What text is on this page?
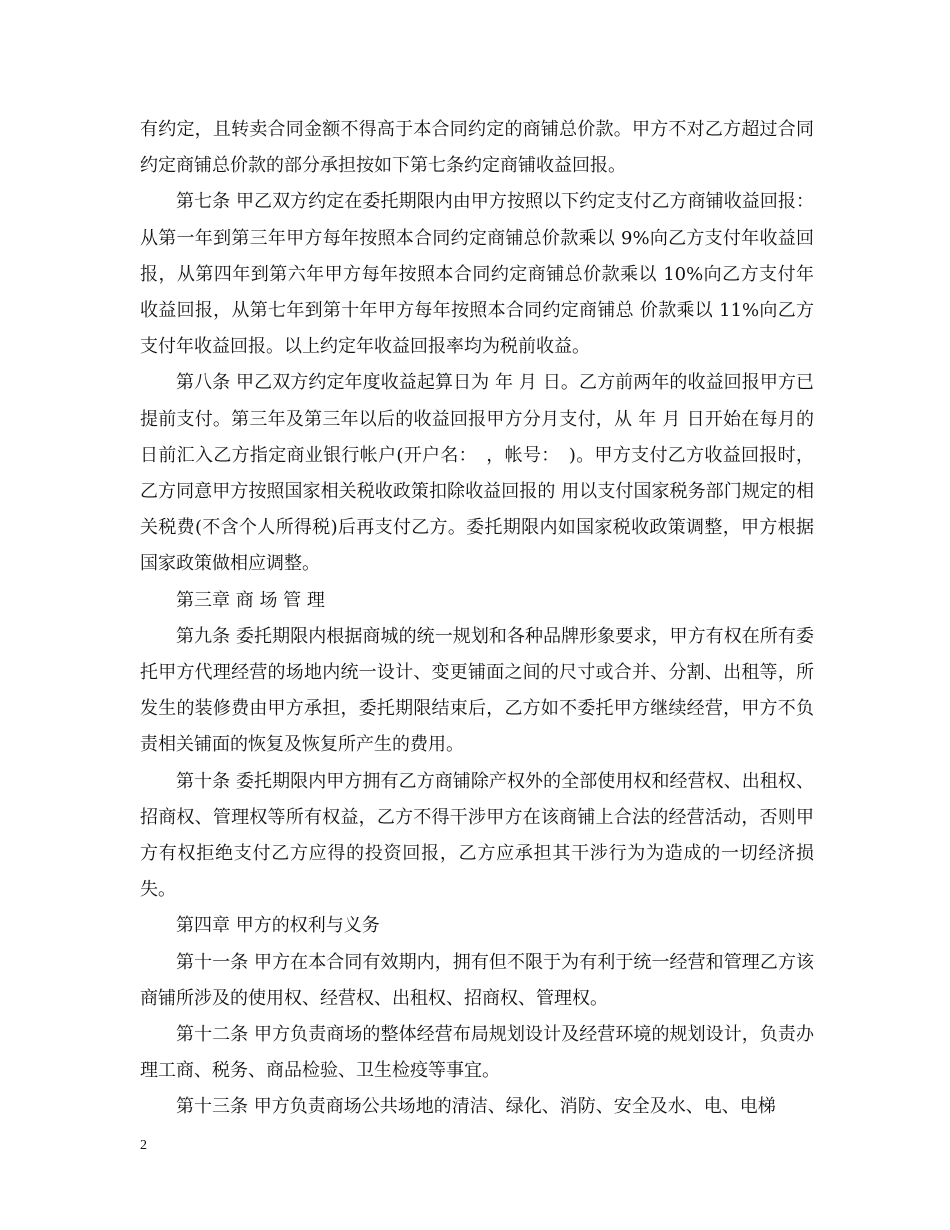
有约定，且转卖合同金额不得高于本合同约定的商铺总价款。甲方不对乙方超过合同约定商铺总价款的部分承担按如下第七条约定商铺收益回报。

第七条 甲乙双方约定在委托期限内由甲方按照以下约定支付乙方商铺收益回报：从第一年到第三年甲方每年按照本合同约定商铺总价款乘以 9%向乙方支付年收益回报，从第四年到第六年甲方每年按照本合同约定商铺总价款乘以 10%向乙方支付年收益回报，从第七年到第十年甲方每年按照本合同约定商铺总 价款乘以 11%向乙方支付年收益回报。以上约定年收益回报率均为税前收益。

第八条 甲乙双方约定年度收益起算日为 年 月 日。乙方前两年的收益回报甲方已提前支付。第三年及第三年以后的收益回报甲方分月支付，从 年 月 日开始在每月的 日前汇入乙方指定商业银行帐户(开户名：　，帐号：　)。甲方支付乙方收益回报时，乙方同意甲方按照国家相关税收政策扣除收益回报的 用以支付国家税务部门规定的相关税费(不含个人所得税)后再支付乙方。委托期限内如国家税收政策调整，甲方根据国家政策做相应调整。

第三章 商 场 管 理

第九条 委托期限内根据商城的统一规划和各种品牌形象要求，甲方有权在所有委托甲方代理经营的场地内统一设计、变更铺面之间的尺寸或合并、分割、出租等，所发生的装修费由甲方承担，委托期限结束后，乙方如不委托甲方继续经营，甲方不负责相关铺面的恢复及恢复所产生的费用。

第十条 委托期限内甲方拥有乙方商铺除产权外的全部使用权和经营权、出租权、招商权、管理权等所有权益，乙方不得干涉甲方在该商铺上合法的经营活动，否则甲方有权拒绝支付乙方应得的投资回报，乙方应承担其干涉行为为造成的一切经济损失。

第四章 甲方的权利与义务

第十一条 甲方在本合同有效期内，拥有但不限于为有利于统一经营和管理乙方该商铺所涉及的使用权、经营权、出租权、招商权、管理权。

第十二条 甲方负责商场的整体经营布局规划设计及经营环境的规划设计，负责办理工商、税务、商品检验、卫生检疫等事宜。

第十三条 甲方负责商场公共场地的清洁、绿化、消防、安全及水、电、电梯

2
